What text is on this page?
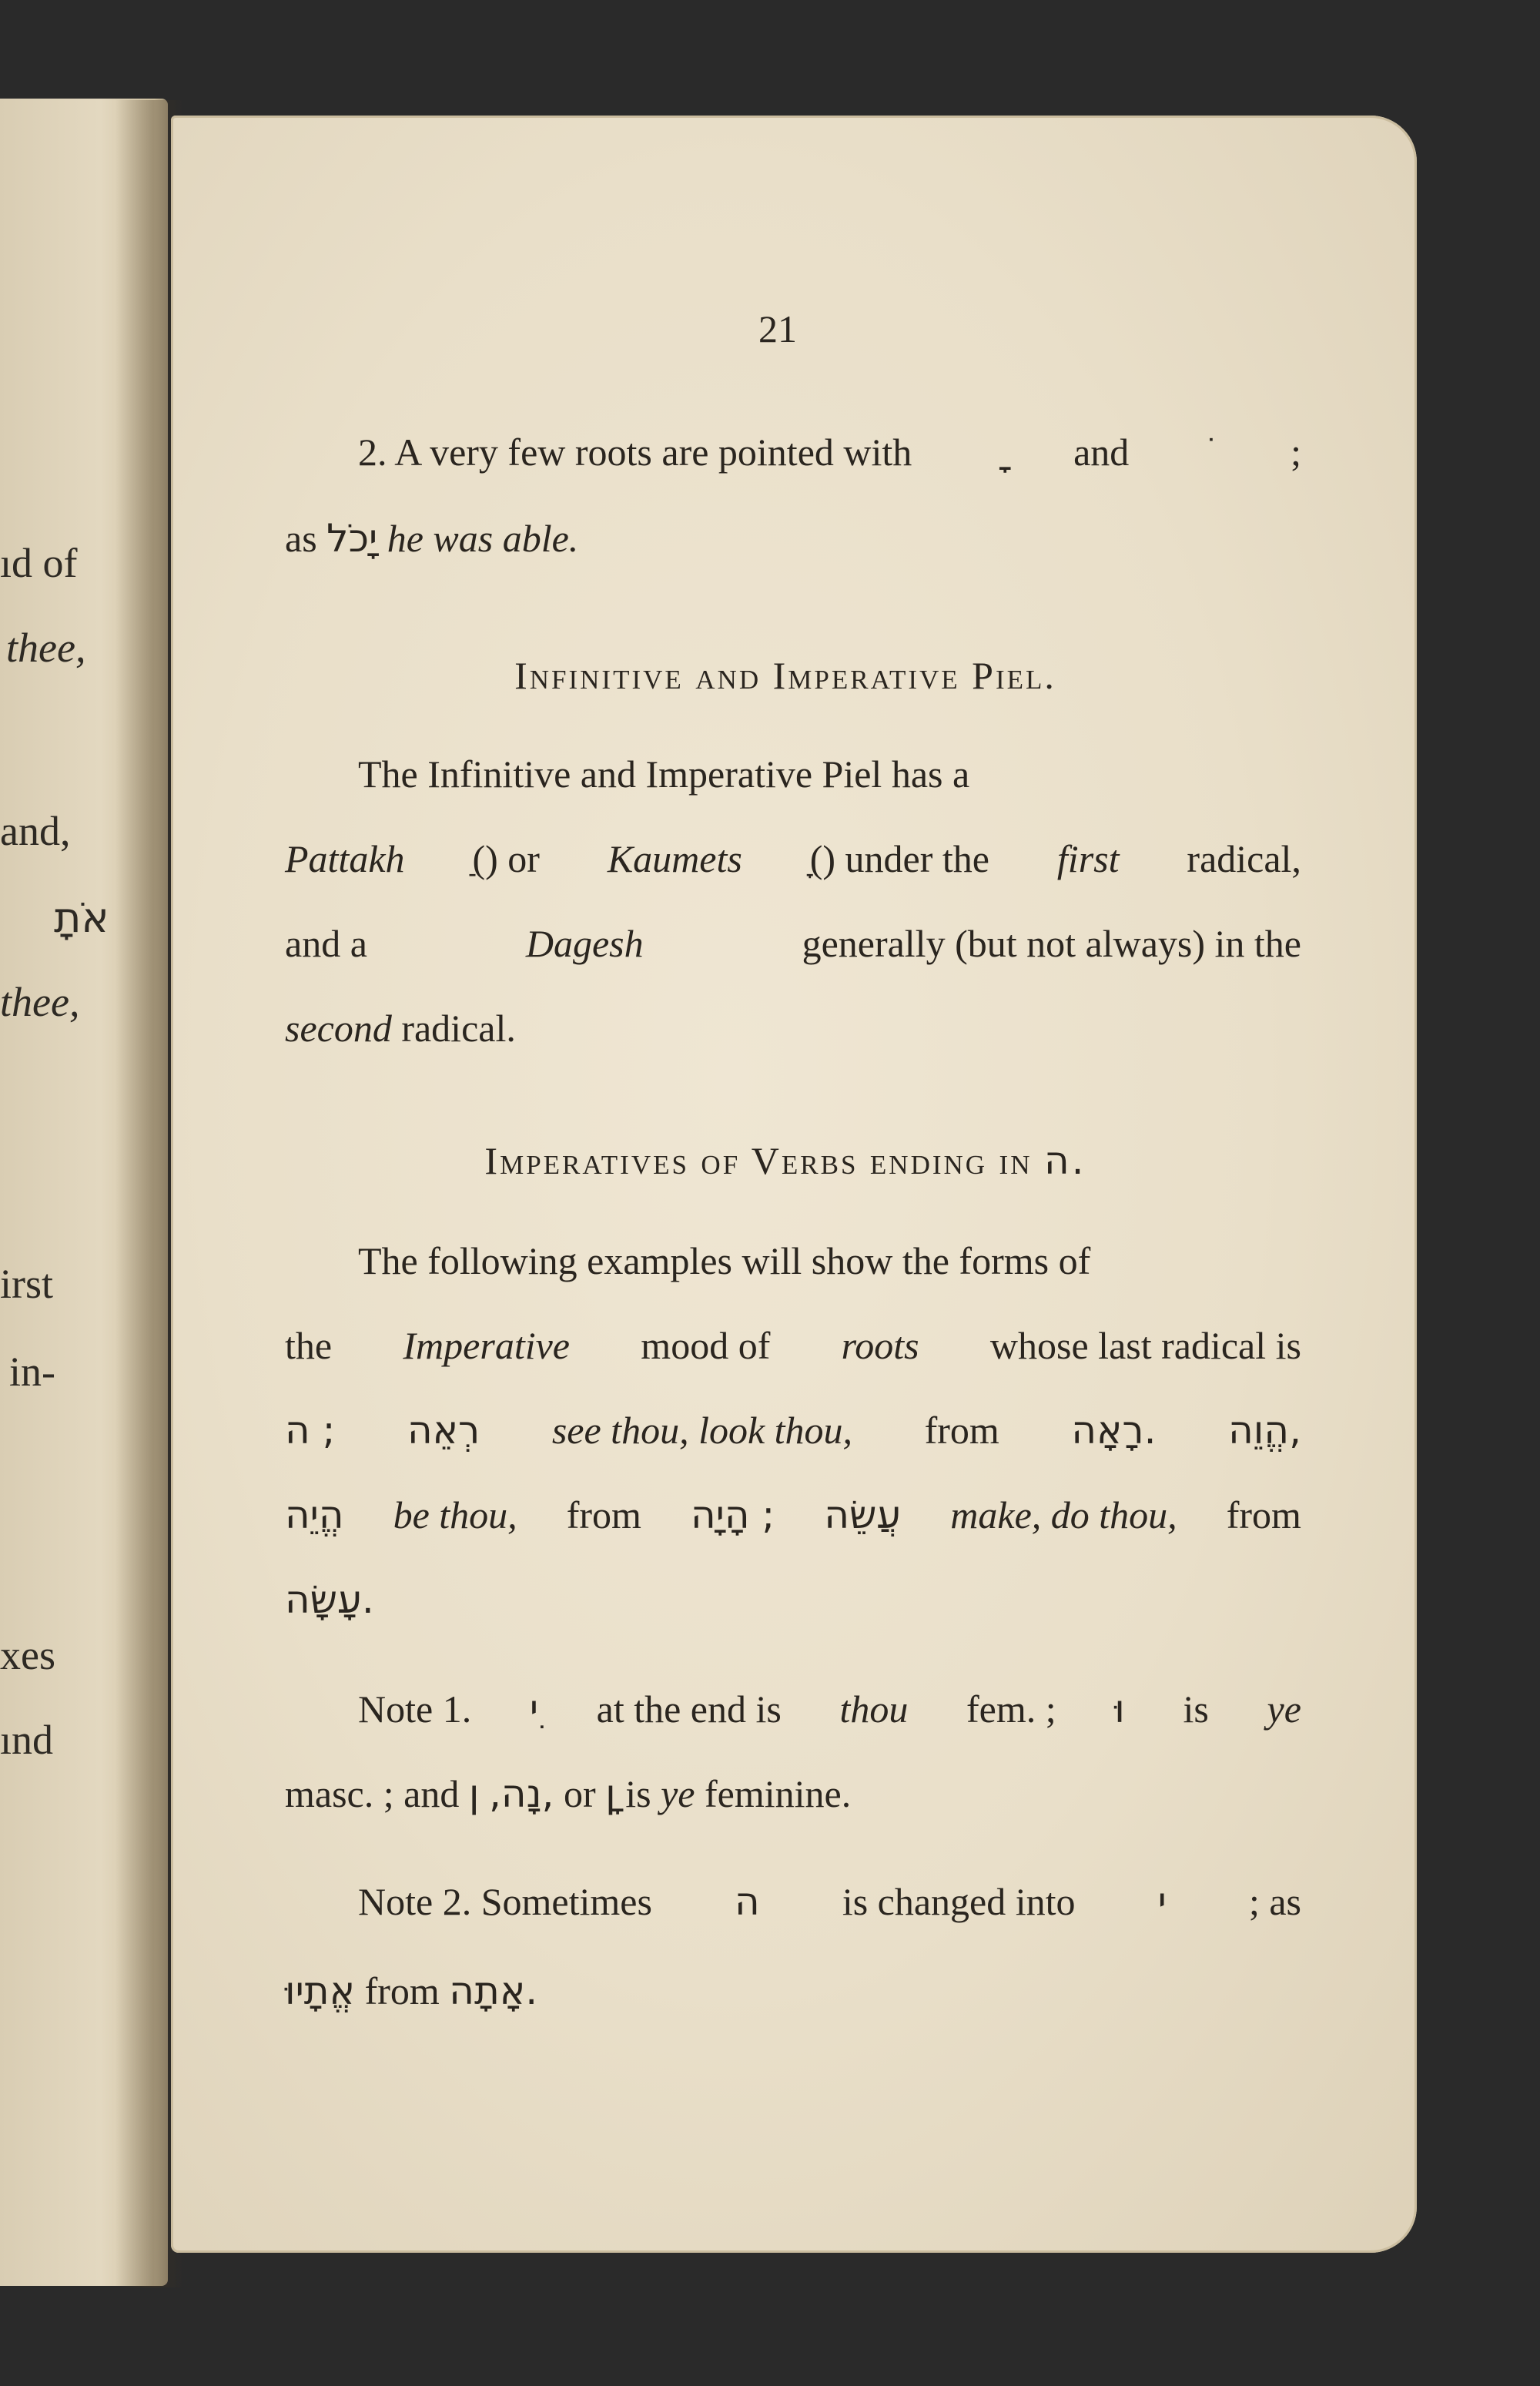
ıd of
thee,
and,
אֹתָ
thee,
irst
in-
xes
ınd
21
2. A very few roots are pointed with	and	;
as יָכֹל he was able.
Infinitive and Imperative Piel.
The Infinitive and Imperative Piel has a
Pattakh (ַ) or Kaumets (ָ) under the first radical,
and a	Dagesh	generally (but not always) in the
second radical.
Imperatives of Verbs ending in ה.
The following examples will show the forms of
the Imperative mood of roots whose last radical is
ה ; רְאֵה see thou, look thou, from רָאָה. הֱוֵה,
הֱיֵה be thou, from הָיָה ; עֲשֵׂה make, do thou, from
עָשָׂה.
Note 1. ִי at the end is thou fem. ; וּ is ye
masc. ; and נָה, ן, or ָן is ye feminine.
Note 2. Sometimes ה is changed into י ; as
אֱתָיוּ from אָתָה.
